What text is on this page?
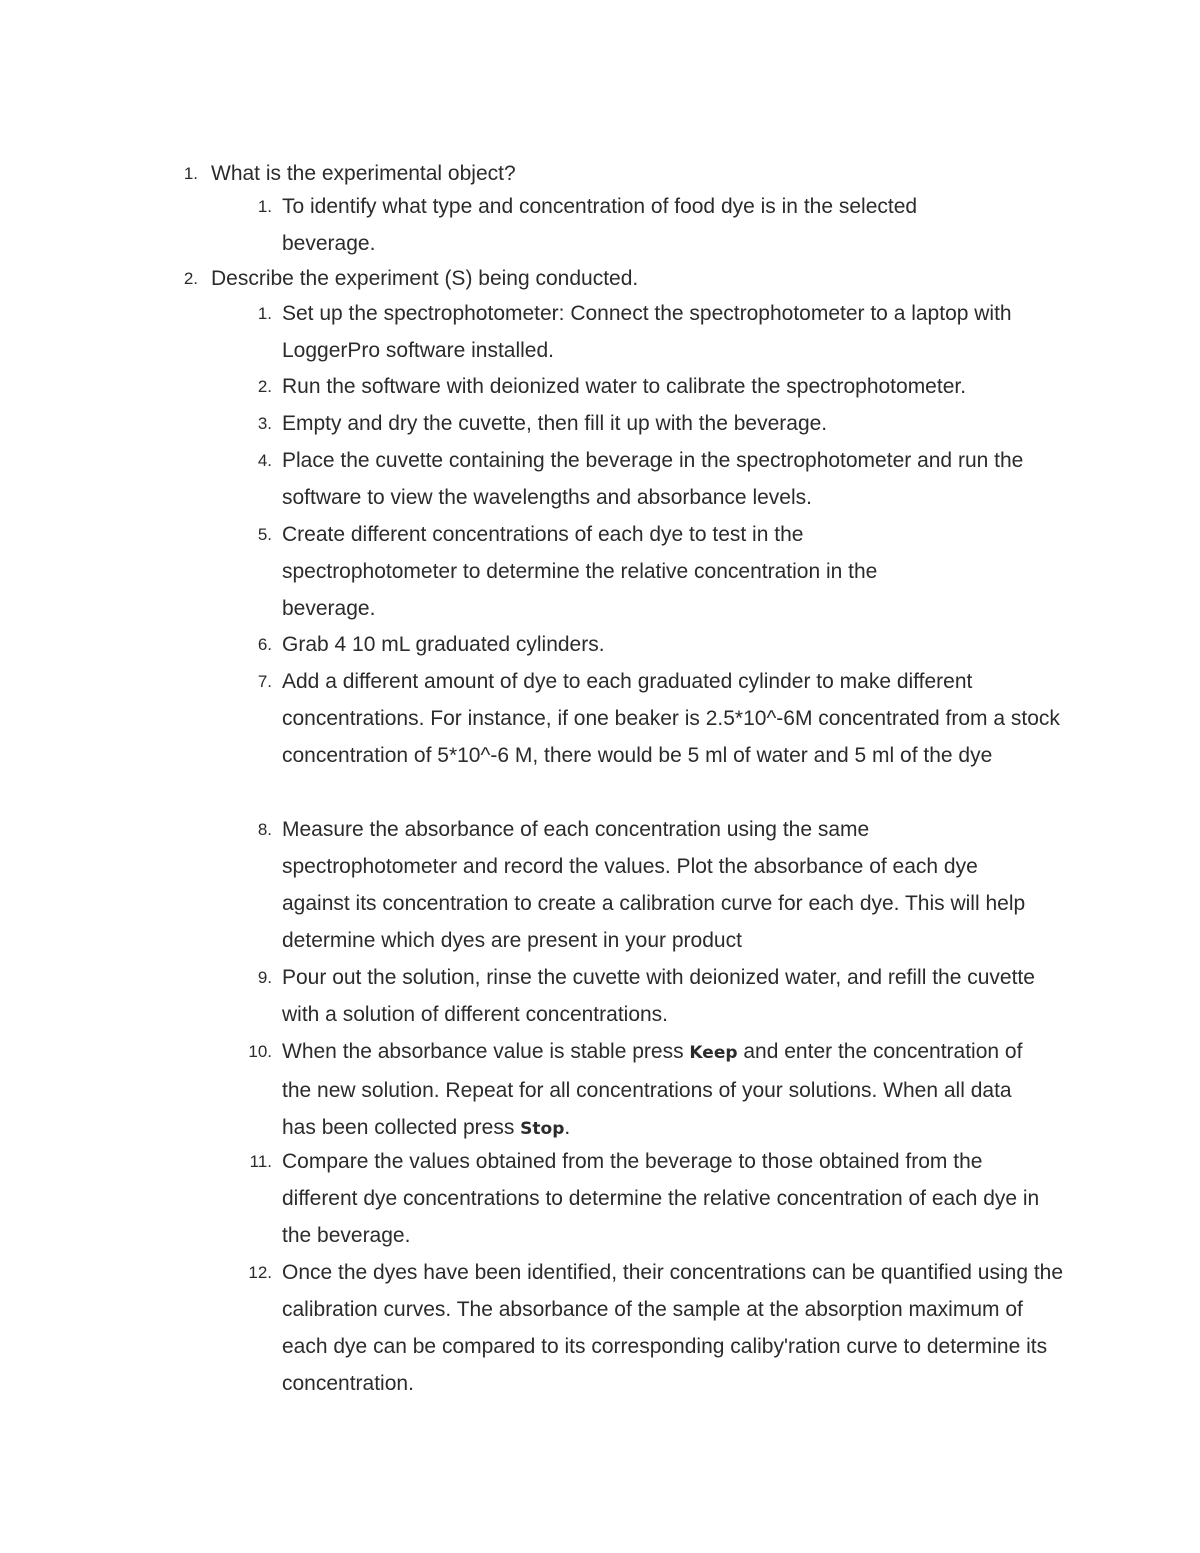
1. What is the experimental object?
1. To identify what type and concentration of food dye is in the selected beverage.
2. Describe the experiment (S) being conducted.
1. Set up the spectrophotometer: Connect the spectrophotometer to a laptop with LoggerPro software installed.
2. Run the software with deionized water to calibrate the spectrophotometer.
3. Empty and dry the cuvette, then fill it up with the beverage.
4. Place the cuvette containing the beverage in the spectrophotometer and run the software to view the wavelengths and absorbance levels.
5. Create different concentrations of each dye to test in the spectrophotometer to determine the relative concentration in the beverage.
6. Grab 4 10 mL graduated cylinders.
7. Add a different amount of dye to each graduated cylinder to make different concentrations. For instance, if one beaker is 2.5*10^-6M concentrated from a stock concentration of 5*10^-6 M, there would be 5 ml of water and 5 ml of the dye
8. Measure the absorbance of each concentration using the same spectrophotometer and record the values. Plot the absorbance of each dye against its concentration to create a calibration curve for each dye. This will help determine which dyes are present in your product
9. Pour out the solution, rinse the cuvette with deionized water, and refill the cuvette with a solution of different concentrations.
10. When the absorbance value is stable press Keep and enter the concentration of the new solution. Repeat for all concentrations of your solutions. When all data has been collected press Stop.
11. Compare the values obtained from the beverage to those obtained from the different dye concentrations to determine the relative concentration of each dye in the beverage.
12. Once the dyes have been identified, their concentrations can be quantified using the calibration curves. The absorbance of the sample at the absorption maximum of each dye can be compared to its corresponding caliby'ration curve to determine its concentration.
